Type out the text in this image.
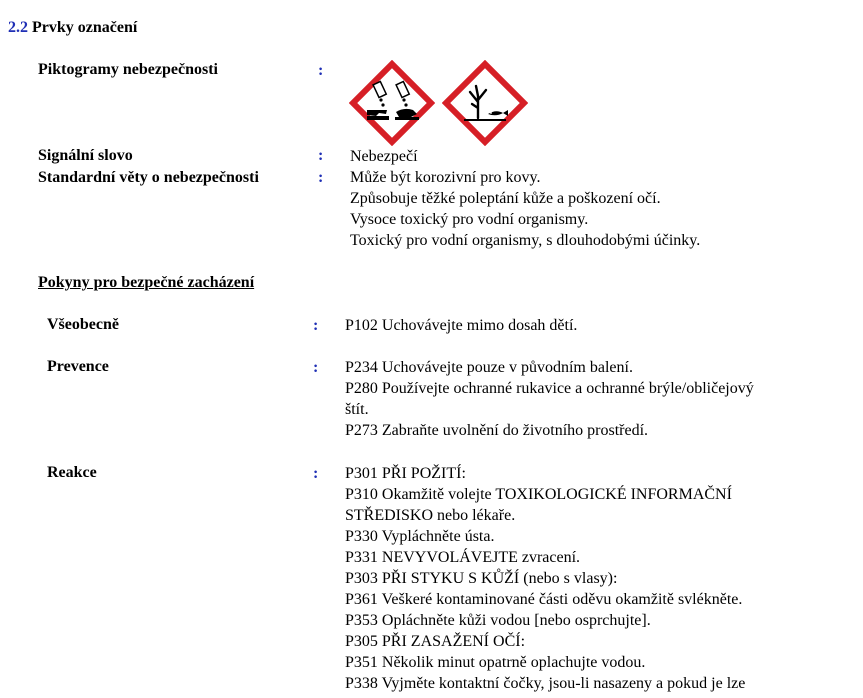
2.2 Prvky označení
Piktogramy nebezpečnosti	:
Signální slovo	: Nebezpečí
Standardní věty o nebezpečnosti	: Může být korozivní pro kovy.
Způsobuje těžké poleptání kůže a poškození očí.
Vysoce toxický pro vodní organismy.
Toxický pro vodní organismy, s dlouhodobými účinky.
Pokyny pro bezpečné zacházení
Všeobecně	: P102 Uchovávejte mimo dosah dětí.
Prevence	: P234 Uchovávejte pouze v původním balení.
P280 Používejte ochranné rukavice a ochranné brýle/obličejový
štít.
P273 Zabraňte uvolnění do životního prostředí.
Reakce	: P301 PŘI POŽITÍ:
P310 Okamžitě volejte TOXIKOLOGICKÉ INFORMAČNÍ
STŘEDISKO nebo lékaře.
P330 Vypláchněte ústa.
P331 NEVYVOLÁVEJTE zvracení.
P303 PŘI STYKU S KŮŽÍ (nebo s vlasy):
P361 Veškeré kontaminované části oděvu okamžitě svlékněte.
P353 Opláchněte kůži vodou [nebo osprchujte].
P305 PŘI ZASAŽENÍ OČÍ:
P351 Několik minut opatrně oplachujte vodou.
P338 Vyjměte kontaktní čočky, jsou-li nasazeny a pokud je lze
